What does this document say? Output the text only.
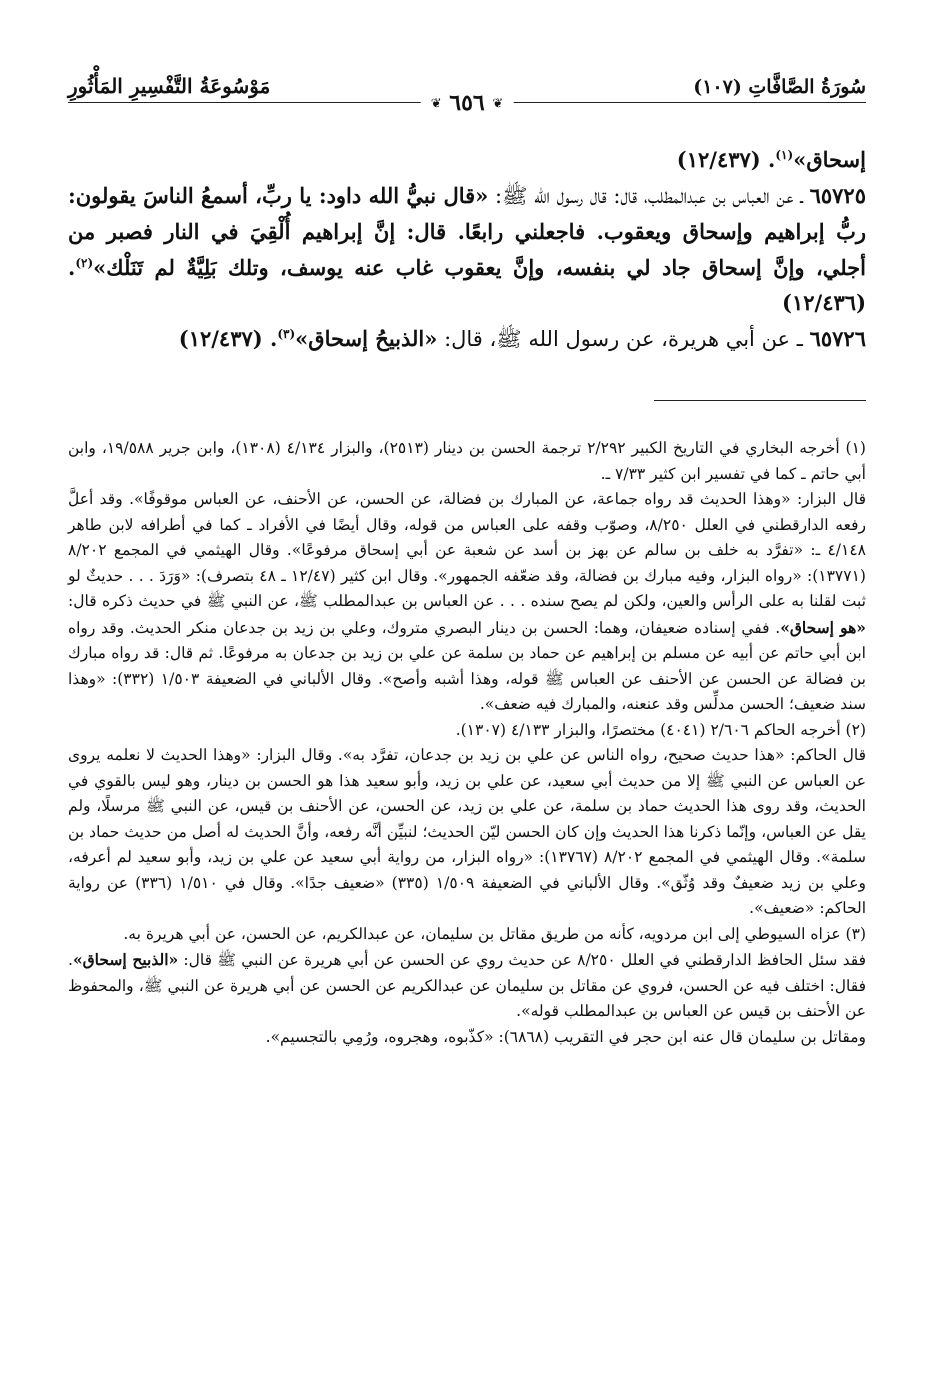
سُورَةُ الصَّافَّاتِ (١٠٧)
❦ ٦٥٦ ❦
مَوْسُوعَةُ التَّفْسِيرِ المَأْثُورِ

إسحاق»$^{(١)}$. (١٢/٤٣٧)

٦٥٧٢٥ ـ عن العباس بن عبدالمطلب، قال: قال رسول الله ﷺ: «قال نبيُّ الله داود: يا ربِّ، أسمعُ الناسَ يقولون: ربُّ إبراهيم وإسحاق ويعقوب. فاجعلني رابعًا. قال: إنَّ إبراهيم أُلْقِيَ في النار فصبر من أجلي، وإنَّ إسحاق جاد لي بنفسه، وإنَّ يعقوب غاب عنه يوسف، وتلك بَلِيَّةٌ لم تَنَلْك»$^{(٢)}$. (١٢/٤٣٦)

٦٥٧٢٦ ـ عن أبي هريرة، عن رسول الله ﷺ، قال: «الذبيحُ إسحاق»$^{(٣)}$. (١٢/٤٣٧)

(١) أخرجه البخاري في التاريخ الكبير ٢/٢٩٢ ترجمة الحسن بن دينار (٢٥١٣)، والبزار ٤/١٣٤ (١٣٠٨)، وابن جرير ١٩/٥٨٨، وابن أبي حاتم ـ كما في تفسير ابن كثير ٧/٣٣ ـ.

قال البزار: «وهذا الحديث قد رواه جماعة، عن المبارك بن فضالة، عن الحسن، عن الأحنف، عن العباس موقوفًا». وقد أعلَّ رفعه الدارقطني في العلل ٨/٢٥٠، وصوّب وقفه على العباس من قوله، وقال أيضًا في الأفراد ـ كما في أطرافه لابن طاهر ٤/١٤٨ ـ: «تفرَّد به خلف بن سالم عن بهز بن أسد عن شعبة عن أبي إسحاق مرفوعًا». وقال الهيثمي في المجمع ٨/٢٠٢ (١٣٧٧١): «رواه البزار، وفيه مبارك بن فضالة، وقد ضعّفه الجمهور». وقال ابن كثير (١٢/٤٧ ـ ٤٨ بتصرف): «وَرَدَ . . . حديثٌ لو ثبت لقلنا به على الرأس والعين، ولكن لم يصح سنده . . . عن العباس بن عبدالمطلب ﷺ، عن النبي ﷺ في حديث ذكره قال: «هو إسحاق». ففي إسناده ضعيفان، وهما: الحسن بن دينار البصري متروك، وعلي بن زيد بن جدعان منكر الحديث. وقد رواه ابن أبي حاتم عن أبيه عن مسلم بن إبراهيم عن حماد بن سلمة عن علي بن زيد بن جدعان به مرفوعًا. ثم قال: قد رواه مبارك بن فضالة عن الحسن عن الأحنف عن العباس ﷺ قوله، وهذا أشبه وأصح». وقال الألباني في الضعيفة ١/٥٠٣ (٣٣٢): «وهذا سند ضعيف؛ الحسن مدلِّس وقد عنعنه، والمبارك فيه ضعف».

(٢) أخرجه الحاكم ٢/٦٠٦ (٤٠٤١) مختصرًا، والبزار ٤/١٣٣ (١٣٠٧).

قال الحاكم: «هذا حديث صحيح، رواه الناس عن علي بن زيد بن جدعان، تفرَّد به». وقال البزار: «وهذا الحديث لا نعلمه يروى عن العباس عن النبي ﷺ إلا من حديث أبي سعيد، عن علي بن زيد، وأبو سعيد هذا هو الحسن بن دينار، وهو ليس بالقوي في الحديث، وقد روى هذا الحديث حماد بن سلمة، عن علي بن زيد، عن الحسن، عن الأحنف بن قيس، عن النبي ﷺ مرسلًا، ولم يقل عن العباس، وإنّما ذكرنا هذا الحديث وإن كان الحسن ليّن الحديث؛ لنبيِّن أنَّه رفعه، وأنَّ الحديث له أصل من حديث حماد بن سلمة». وقال الهيثمي في المجمع ٨/٢٠٢ (١٣٧٦٧): «رواه البزار، من رواية أبي سعيد عن علي بن زيد، وأبو سعيد لم أعرفه، وعلي بن زيد ضعيفٌ وقد وُثّق». وقال الألباني في الضعيفة ١/٥٠٩ (٣٣٥) «ضعيف جدًا». وقال في ١/٥١٠ (٣٣٦) عن رواية الحاكم: «ضعيف».

(٣) عزاه السيوطي إلى ابن مردويه، كأنه من طريق مقاتل بن سليمان، عن عبدالكريم، عن الحسن، عن أبي هريرة به.

فقد سئل الحافظ الدارقطني في العلل ٨/٢٥٠ عن حديث روي عن الحسن عن أبي هريرة عن النبي ﷺ قال: «الذبيح إسحاق». فقال: اختلف فيه عن الحسن، فروي عن مقاتل بن سليمان عن عبدالكريم عن الحسن عن أبي هريرة عن النبي ﷺ، والمحفوظ عن الأحنف بن قيس عن العباس بن عبدالمطلب قوله».

ومقاتل بن سليمان قال عنه ابن حجر في التقريب (٦٨٦٨): «كذّبوه، وهجروه، ورُمِي بالتجسيم».
